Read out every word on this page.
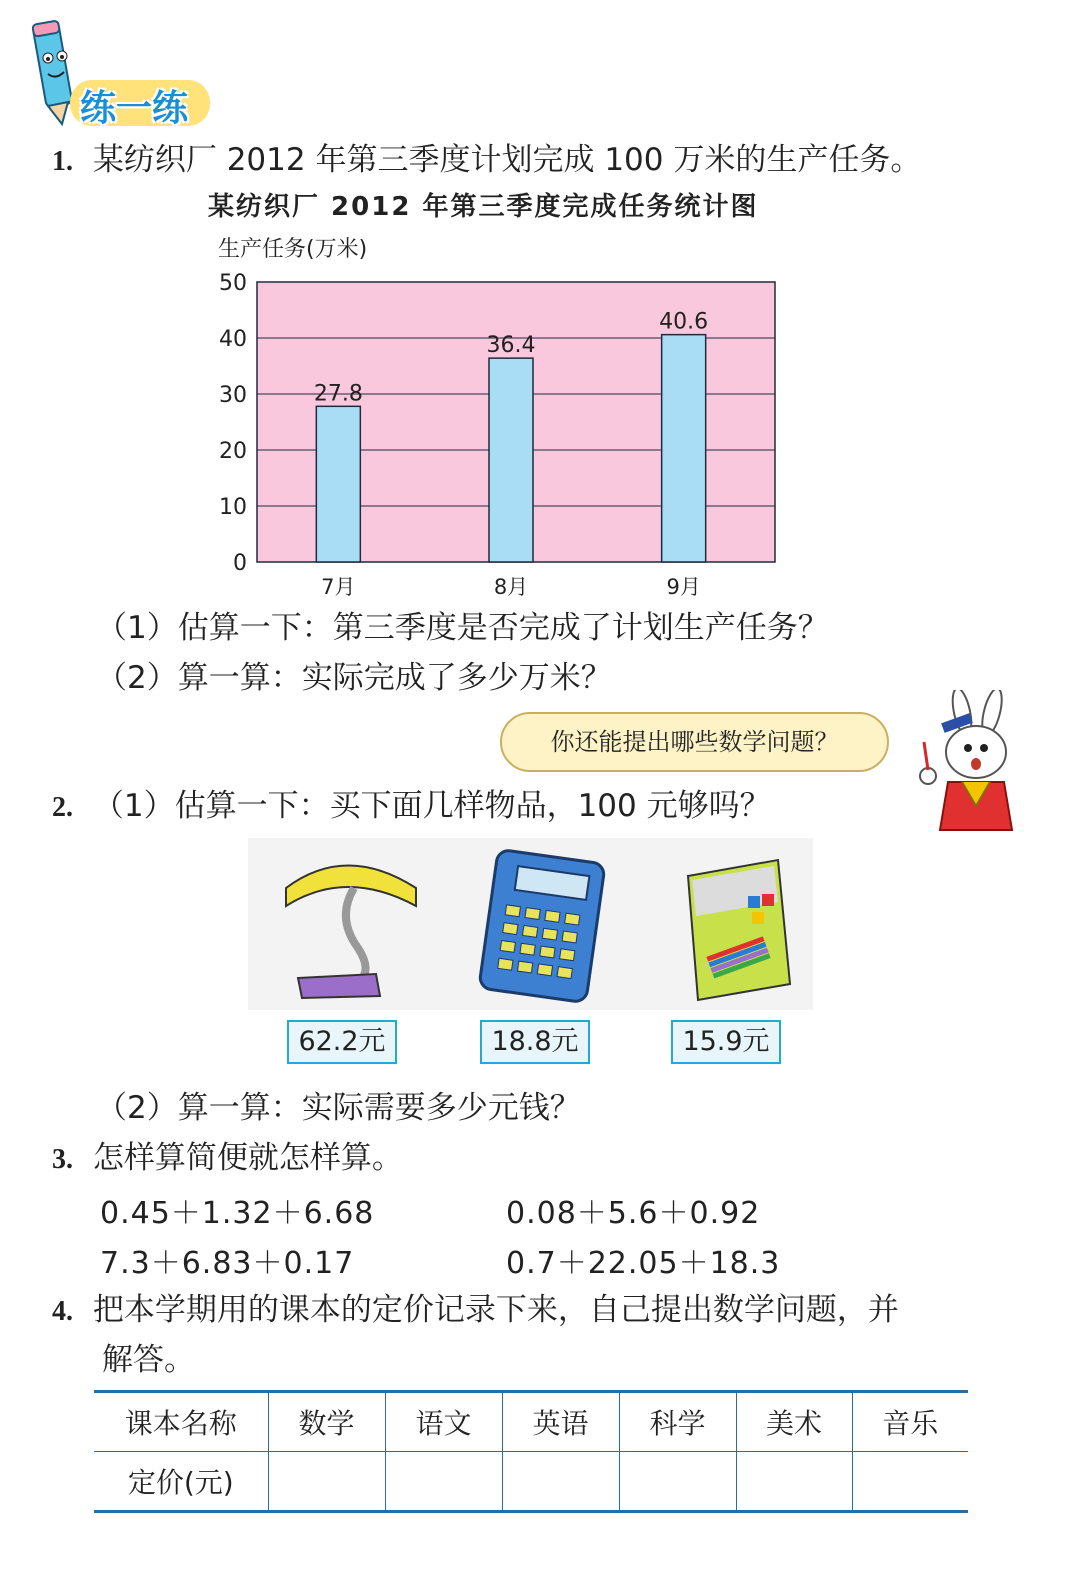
练一练
1. 某纺织厂 2012 年第三季度计划完成 100 万米的生产任务。
某纺织厂 2012 年第三季度完成任务统计图
生产任务(万米)
0
10
20
30
40
50
27.8
36.4
40.6
7月	8月	9月
（1）估算一下：第三季度是否完成了计划生产任务？
（2）算一算：实际完成了多少万米？
你还能提出哪些数学问题？
2. （1）估算一下：买下面几样物品，100 元够吗？
62.2元	18.8元	15.9元
（2）算一算：实际需要多少元钱？
3. 怎样算简便就怎样算。
0.45＋1.32＋6.68	0.08＋5.6＋0.92
7.3＋6.83＋0.17	0.7＋22.05＋18.3
4. 把本学期用的课本的定价记录下来，自己提出数学问题，并
解答。
课本名称	数学	语文	英语	科学	美术	音乐
定价(元)						
